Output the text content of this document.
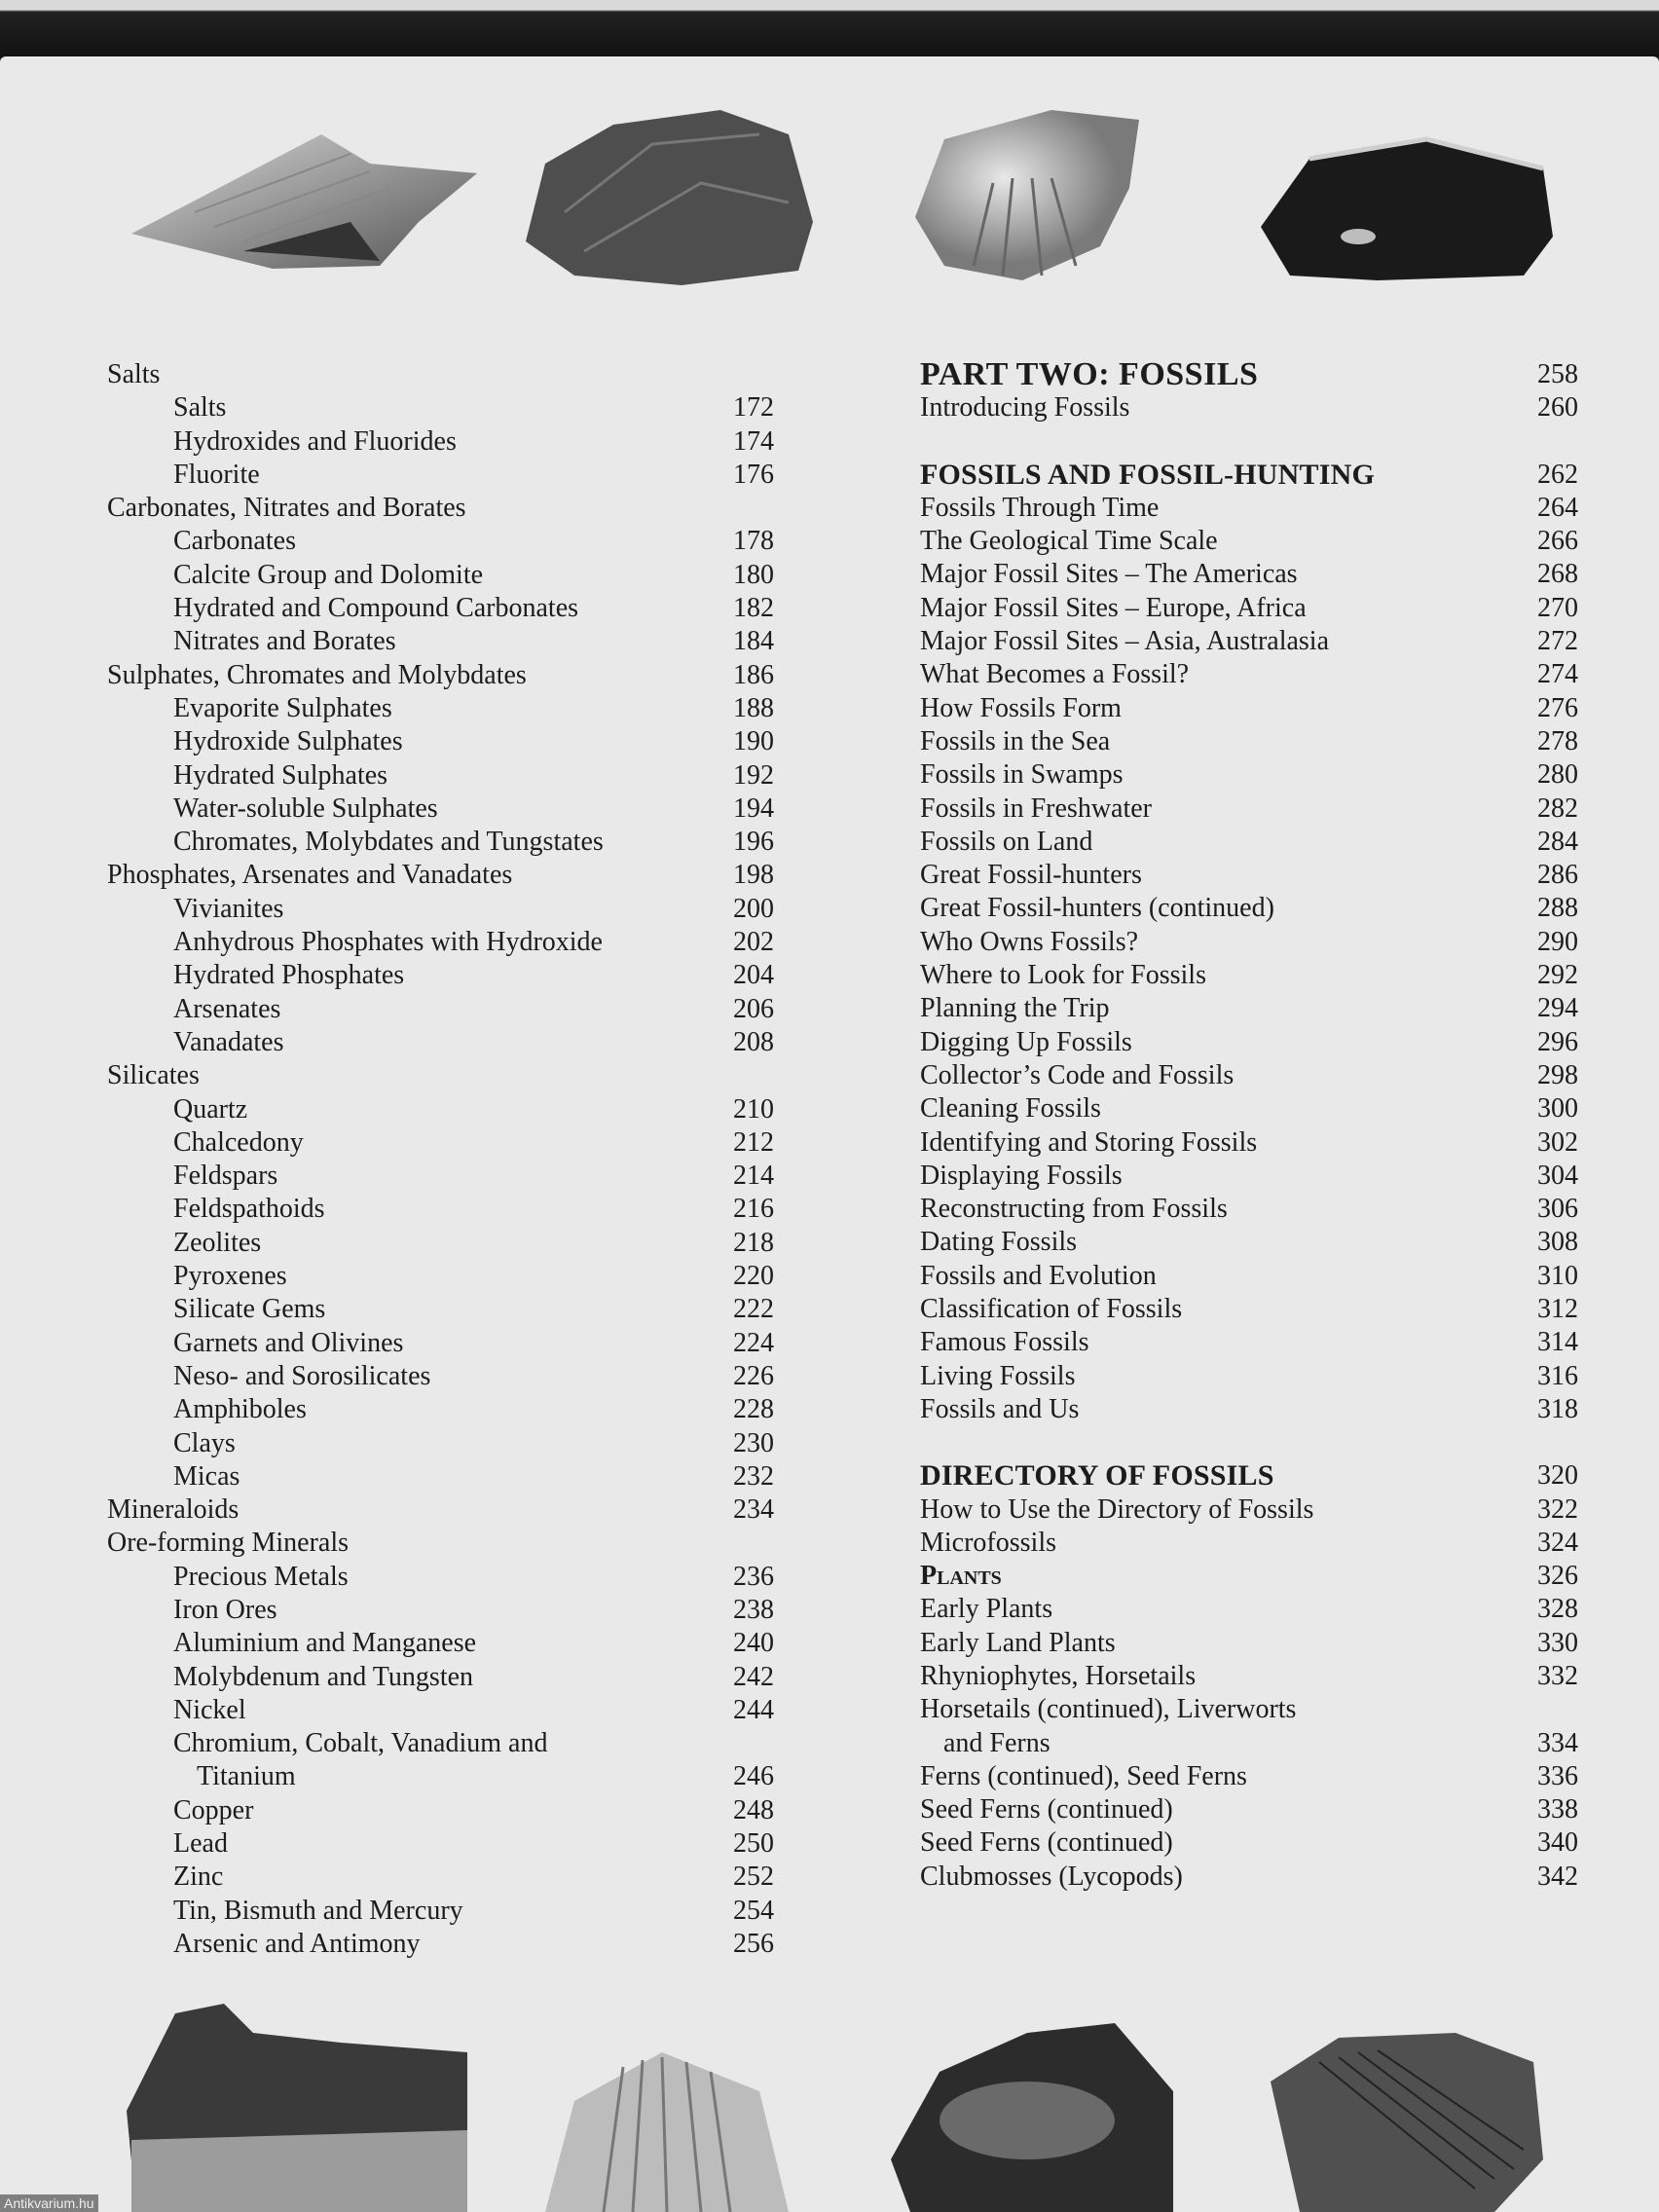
Salts
Salts	172
Hydroxides and Fluorides	174
Fluorite	176
Carbonates, Nitrates and Borates
Carbonates	178
Calcite Group and Dolomite	180
Hydrated and Compound Carbonates	182
Nitrates and Borates	184
Sulphates, Chromates and Molybdates	186
Evaporite Sulphates	188
Hydroxide Sulphates	190
Hydrated Sulphates	192
Water-soluble Sulphates	194
Chromates, Molybdates and Tungstates	196
Phosphates, Arsenates and Vanadates	198
Vivianites	200
Anhydrous Phosphates with Hydroxide	202
Hydrated Phosphates	204
Arsenates	206
Vanadates	208
Silicates
Quartz	210
Chalcedony	212
Feldspars	214
Feldspathoids	216
Zeolites	218
Pyroxenes	220
Silicate Gems	222
Garnets and Olivines	224
Neso- and Sorosilicates	226
Amphiboles	228
Clays	230
Micas	232
Mineraloids	234
Ore-forming Minerals
Precious Metals	236
Iron Ores	238
Aluminium and Manganese	240
Molybdenum and Tungsten	242
Nickel	244
Chromium, Cobalt, Vanadium and
Titanium	246
Copper	248
Lead	250
Zinc	252
Tin, Bismuth and Mercury	254
Arsenic and Antimony	256
PART TWO: FOSSILS	258
Introducing Fossils	260
FOSSILS AND FOSSIL-HUNTING	262
Fossils Through Time	264
The Geological Time Scale	266
Major Fossil Sites – The Americas	268
Major Fossil Sites – Europe, Africa	270
Major Fossil Sites – Asia, Australasia	272
What Becomes a Fossil?	274
How Fossils Form	276
Fossils in the Sea	278
Fossils in Swamps	280
Fossils in Freshwater	282
Fossils on Land	284
Great Fossil-hunters	286
Great Fossil-hunters (continued)	288
Who Owns Fossils?	290
Where to Look for Fossils	292
Planning the Trip	294
Digging Up Fossils	296
Collector’s Code and Fossils	298
Cleaning Fossils	300
Identifying and Storing Fossils	302
Displaying Fossils	304
Reconstructing from Fossils	306
Dating Fossils	308
Fossils and Evolution	310
Classification of Fossils	312
Famous Fossils	314
Living Fossils	316
Fossils and Us	318
DIRECTORY OF FOSSILS	320
How to Use the Directory of Fossils	322
Microfossils	324
Plants	326
Early Plants	328
Early Land Plants	330
Rhyniophytes, Horsetails	332
Horsetails (continued), Liverworts
and Ferns	334
Ferns (continued), Seed Ferns	336
Seed Ferns (continued)	338
Seed Ferns (continued)	340
Clubmosses (Lycopods)	342
Antikvarium.hu
